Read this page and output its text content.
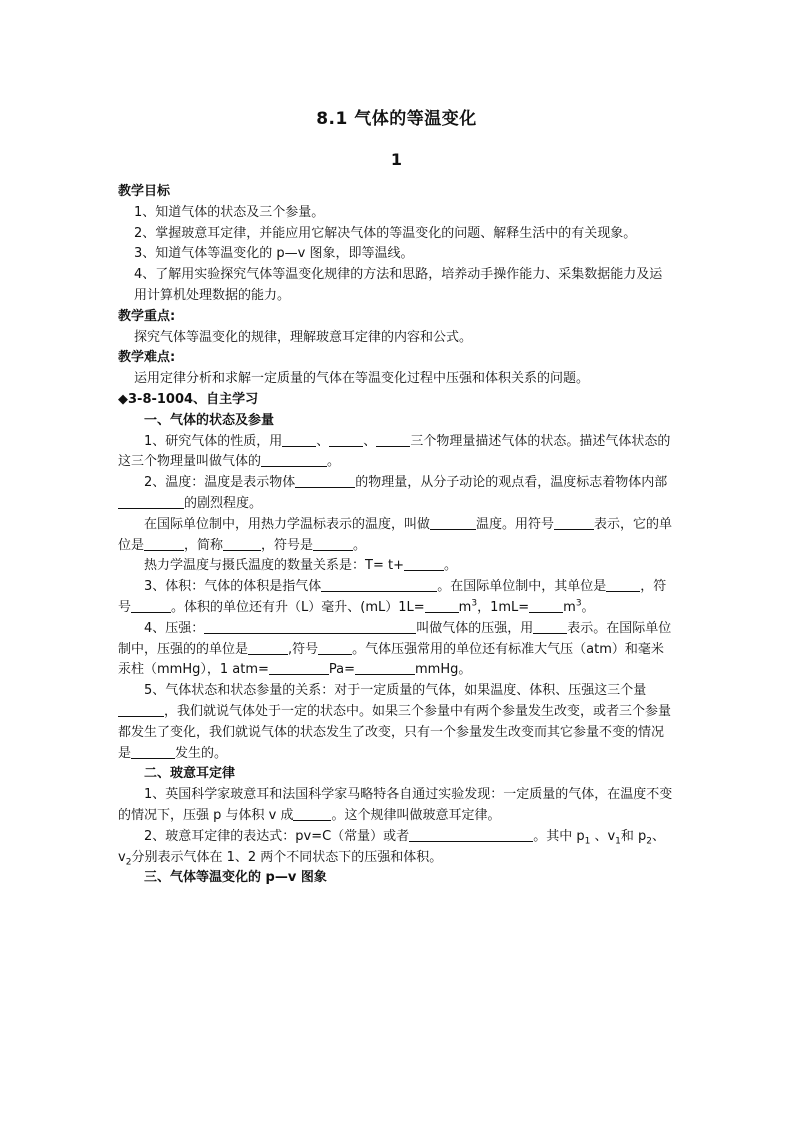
8.1 气体的等温变化
1

教学目标

1、知道气体的状态及三个参量。

2、掌握玻意耳定律，并能应用它解决气体的等温变化的问题、解释生活中的有关现象。

3、知道气体等温变化的 p—v 图象，即等温线。

4、了解用实验探究气体等温变化规律的方法和思路，培养动手操作能力、采集数据能力及运用计算机处理数据的能力。

教学重点:

探究气体等温变化的规律，理解玻意耳定律的内容和公式。

教学难点:

运用定律分析和求解一定质量的气体在等温变化过程中压强和体积关系的问题。

◆3-8-1004、自主学习

一、气体的状态及参量

1、研究气体的性质，用	、	、	三个物理量描述气体的状态。描述气体状态的这三个物理量叫做气体的	。

2、温度：温度是表示物体	的物理量，从分子动论的观点看，温度标志着物体内部的剧烈程度。

在国际单位制中，用热力学温标表示的温度，叫做	温度。用符号	表示，它的单位是	，简称	，符号是	。

热力学温度与摄氏温度的数量关系是：T= t+	。

3、体积：气体的体积是指气体	。在国际单位制中，其单位是	，符号	。体积的单位还有升（L）毫升、(mL）1L=	$m^3$，1mL=	$m^3$。

4、压强：	叫做气体的压强，用	表示。在国际单位制中，压强的的单位是	,符号	。气体压强常用的单位还有标准大气压（atm）和毫米汞柱（mmHg），1 atm=	Pa=	mmHg。

5、气体状态和状态参量的关系：对于一定质量的气体，如果温度、体积、压强这三个量，我们就说气体处于一定的状态中。如果三个参量中有两个参量发生改变，或者三个参量都发生了变化，我们就说气体的状态发生了改变，只有一个参量发生改变而其它参量不变的情况是	发生的。

二、玻意耳定律

1、英国科学家玻意耳和法国科学家马略特各自通过实验发现：一定质量的气体，在温度不变的情况下，压强 p 与体积 v 成	。这个规律叫做玻意耳定律。

2、玻意耳定律的表达式：pv=C（常量）或者	。其中 $p_1$ 、$v_1$和 $p_2$、$v_2$分别表示气体在 1、2 两个不同状态下的压强和体积。

三、气体等温变化的 p—v 图象
